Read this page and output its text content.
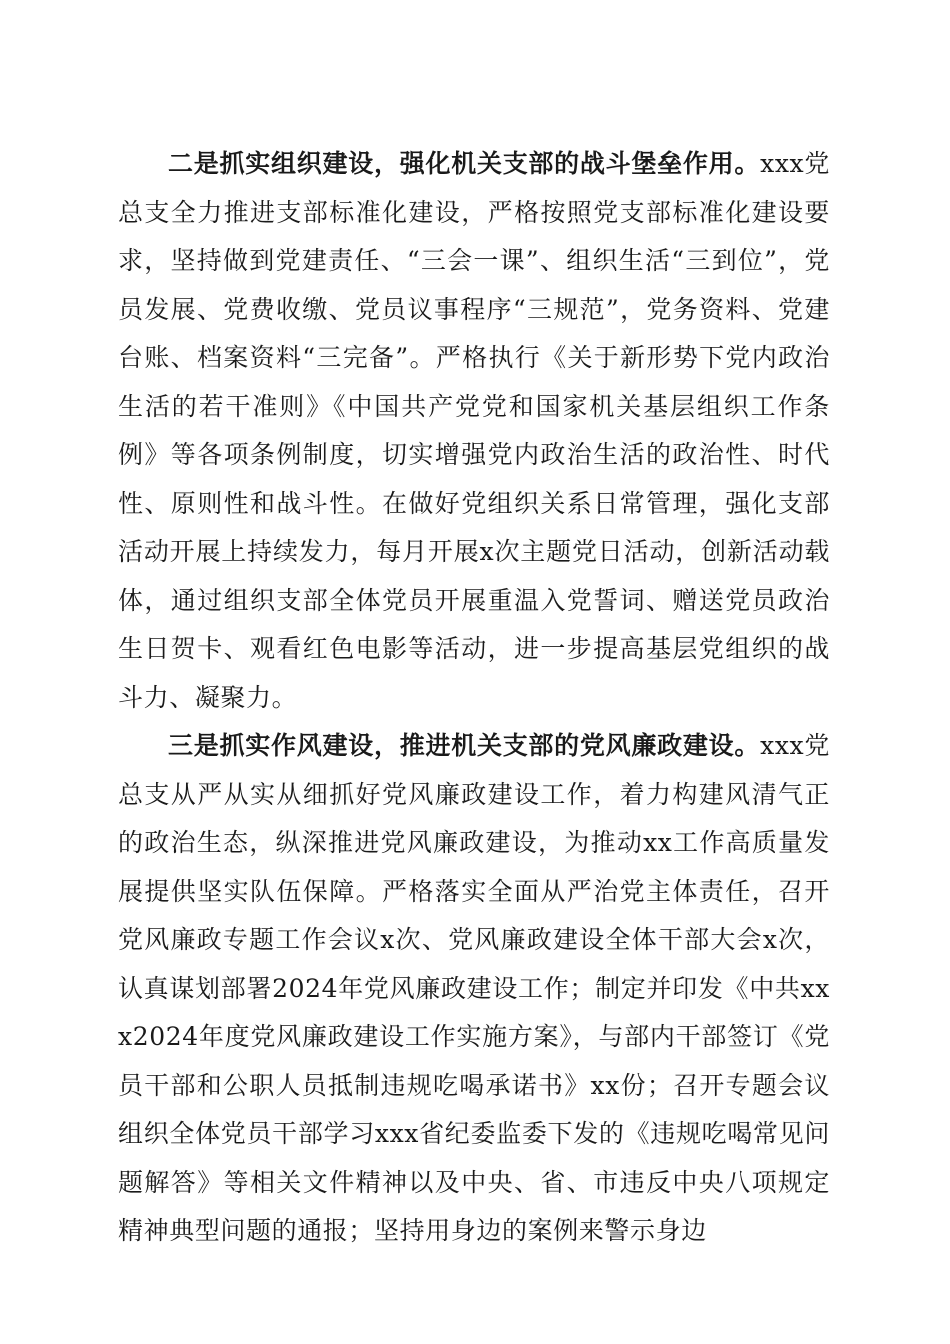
二是抓实组织建设，强化机关支部的战斗堡垒作用。xxx党总支全力推进支部标准化建设，严格按照党支部标准化建设要求，坚持做到党建责任、“三会一课”、组织生活“三到位”，党员发展、党费收缴、党员议事程序“三规范”，党务资料、党建台账、档案资料“三完备”。严格执行《关于新形势下党内政治生活的若干准则》《中国共产党党和国家机关基层组织工作条例》等各项条例制度，切实增强党内政治生活的政治性、时代性、原则性和战斗性。在做好党组织关系日常管理，强化支部活动开展上持续发力，每月开展x次主题党日活动，创新活动载体，通过组织支部全体党员开展重温入党誓词、赠送党员政治生日贺卡、观看红色电影等活动，进一步提高基层党组织的战斗力、凝聚力。

三是抓实作风建设，推进机关支部的党风廉政建设。xxx党总支从严从实从细抓好党风廉政建设工作，着力构建风清气正的政治生态，纵深推进党风廉政建设，为推动xx工作高质量发展提供坚实队伍保障。严格落实全面从严治党主体责任，召开党风廉政专题工作会议x次、党风廉政建设全体干部大会x次，认真谋划部署2024年党风廉政建设工作；制定并印发《中共xxx2024年度党风廉政建设工作实施方案》，与部内干部签订《党员干部和公职人员抵制违规吃喝承诺书》xx份；召开专题会议组织全体党员干部学习xxx省纪委监委下发的《违规吃喝常见问题解答》等相关文件精神以及中央、省、市违反中央八项规定精神典型问题的通报；坚持用身边的案例来警示身边
